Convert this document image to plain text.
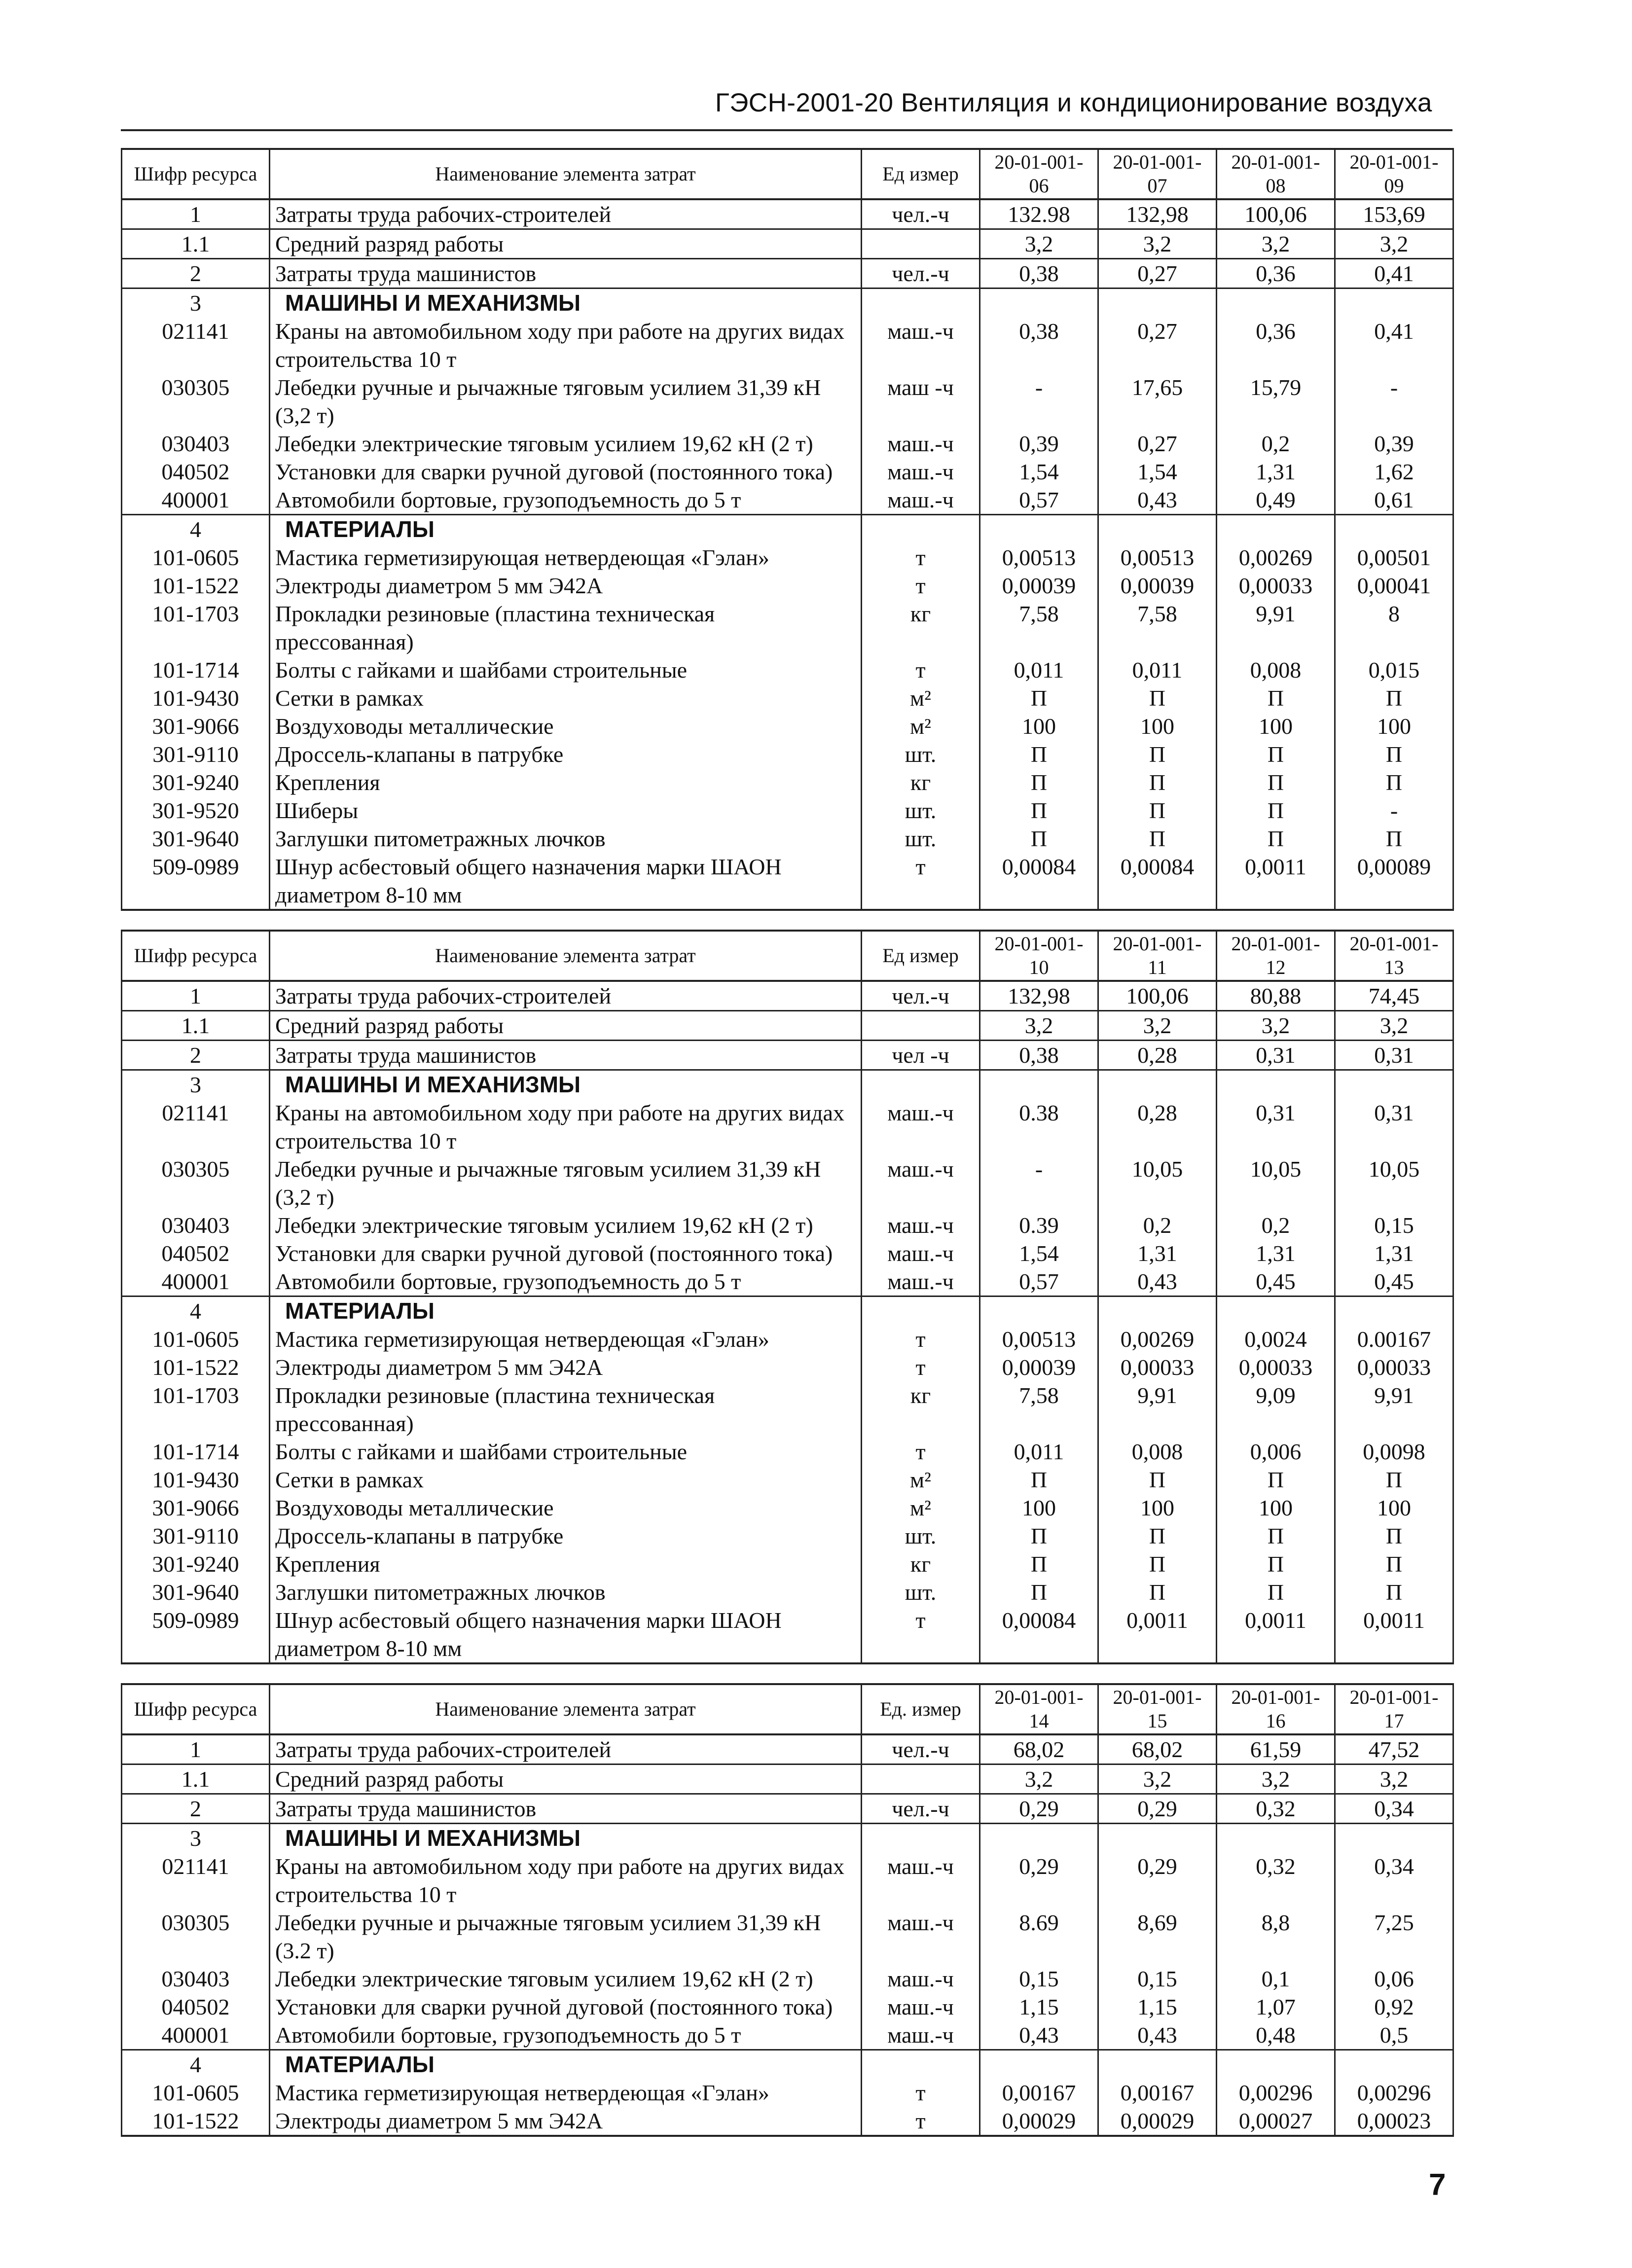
ГЭСН-2001-20 Вентиляция и кондиционирование воздуха
Шифр ресурса	Наименование элемента затрат	Ед измер	20-01-001-06	20-01-001-07	20-01-001-08	20-01-001-09
1	Затраты труда рабочих-строителей	чел.-ч	132.98	132,98	100,06	153,69
1.1	Средний разряд работы		3,2	3,2	3,2	3,2
2	Затраты труда машинистов	чел.-ч	0,38	0,27	0,36	0,41
3	МАШИНЫ И МЕХАНИЗМЫ					
021141	Краны на автомобильном ходу при работе на других видах строительства 10 т	маш.-ч	0,38	0,27	0,36	0,41
030305	Лебедки ручные и рычажные тяговым усилием 31,39 кН (3,2 т)	маш -ч	-	17,65	15,79	-
030403	Лебедки электрические тяговым усилием 19,62 кН (2 т)	маш.-ч	0,39	0,27	0,2	0,39
040502	Установки для сварки ручной дуговой (постоянного тока)	маш.-ч	1,54	1,54	1,31	1,62
400001	Автомобили бортовые, грузоподъемность до 5 т	маш.-ч	0,57	0,43	0,49	0,61
4	МАТЕРИАЛЫ					
101-0605	Мастика герметизирующая нетвердеющая «Гэлан»	т	0,00513	0,00513	0,00269	0,00501
101-1522	Электроды диаметром 5 мм Э42А	т	0,00039	0,00039	0,00033	0,00041
101-1703	Прокладки резиновые (пластина техническая прессованная)	кг	7,58	7,58	9,91	8
101-1714	Болты с гайками и шайбами строительные	т	0,011	0,011	0,008	0,015
101-9430	Сетки в рамках	м²	П	П	П	П
301-9066	Воздуховоды металлические	м²	100	100	100	100
301-9110	Дроссель-клапаны в патрубке	шт.	П	П	П	П
301-9240	Крепления	кг	П	П	П	П
301-9520	Шиберы	шт.	П	П	П	-
301-9640	Заглушки питометражных лючков	шт.	П	П	П	П
509-0989	Шнур асбестовый общего назначения марки ШАОН диаметром 8-10 мм	т	0,00084	0,00084	0,0011	0,00089
Шифр ресурса	Наименование элемента затрат	Ед измер	20-01-001-10	20-01-001-11	20-01-001-12	20-01-001-13
1	Затраты труда рабочих-строителей	чел.-ч	132,98	100,06	80,88	74,45
1.1	Средний разряд работы		3,2	3,2	3,2	3,2
2	Затраты труда машинистов	чел -ч	0,38	0,28	0,31	0,31
3	МАШИНЫ И МЕХАНИЗМЫ					
021141	Краны на автомобильном ходу при работе на других видах строительства 10 т	маш.-ч	0.38	0,28	0,31	0,31
030305	Лебедки ручные и рычажные тяговым усилием 31,39 кН (3,2 т)	маш.-ч	-	10,05	10,05	10,05
030403	Лебедки электрические тяговым усилием 19,62 кН (2 т)	маш.-ч	0.39	0,2	0,2	0,15
040502	Установки для сварки ручной дуговой (постоянного тока)	маш.-ч	1,54	1,31	1,31	1,31
400001	Автомобили бортовые, грузоподъемность до 5 т	маш.-ч	0,57	0,43	0,45	0,45
4	МАТЕРИАЛЫ					
101-0605	Мастика герметизирующая нетвердеющая «Гэлан»	т	0,00513	0,00269	0,0024	0.00167
101-1522	Электроды диаметром 5 мм Э42А	т	0,00039	0,00033	0,00033	0,00033
101-1703	Прокладки резиновые (пластина техническая прессованная)	кг	7,58	9,91	9,09	9,91
101-1714	Болты с гайками и шайбами строительные	т	0,011	0,008	0,006	0,0098
101-9430	Сетки в рамках	м²	П	П	П	П
301-9066	Воздуховоды металлические	м²	100	100	100	100
301-9110	Дроссель-клапаны в патрубке	шт.	П	П	П	П
301-9240	Крепления	кг	П	П	П	П
301-9640	Заглушки питометражных лючков	шт.	П	П	П	П
509-0989	Шнур асбестовый общего назначения марки ШАОН диаметром 8-10 мм	т	0,00084	0,0011	0,0011	0,0011
Шифр ресурса	Наименование элемента затрат	Ед. измер	20-01-001-14	20-01-001-15	20-01-001-16	20-01-001-17
1	Затраты труда рабочих-строителей	чел.-ч	68,02	68,02	61,59	47,52
1.1	Средний разряд работы		3,2	3,2	3,2	3,2
2	Затраты труда машинистов	чел.-ч	0,29	0,29	0,32	0,34
3	МАШИНЫ И МЕХАНИЗМЫ					
021141	Краны на автомобильном ходу при работе на других видах строительства 10 т	маш.-ч	0,29	0,29	0,32	0,34
030305	Лебедки ручные и рычажные тяговым усилием 31,39 кН (3.2 т)	маш.-ч	8.69	8,69	8,8	7,25
030403	Лебедки электрические тяговым усилием 19,62 кН (2 т)	маш.-ч	0,15	0,15	0,1	0,06
040502	Установки для сварки ручной дуговой (постоянного тока)	маш.-ч	1,15	1,15	1,07	0,92
400001	Автомобили бортовые, грузоподъемность до 5 т	маш.-ч	0,43	0,43	0,48	0,5
4	МАТЕРИАЛЫ					
101-0605	Мастика герметизирующая нетвердеющая «Гэлан»	т	0,00167	0,00167	0,00296	0,00296
101-1522	Электроды диаметром 5 мм Э42А	т	0,00029	0,00029	0,00027	0,00023
7
